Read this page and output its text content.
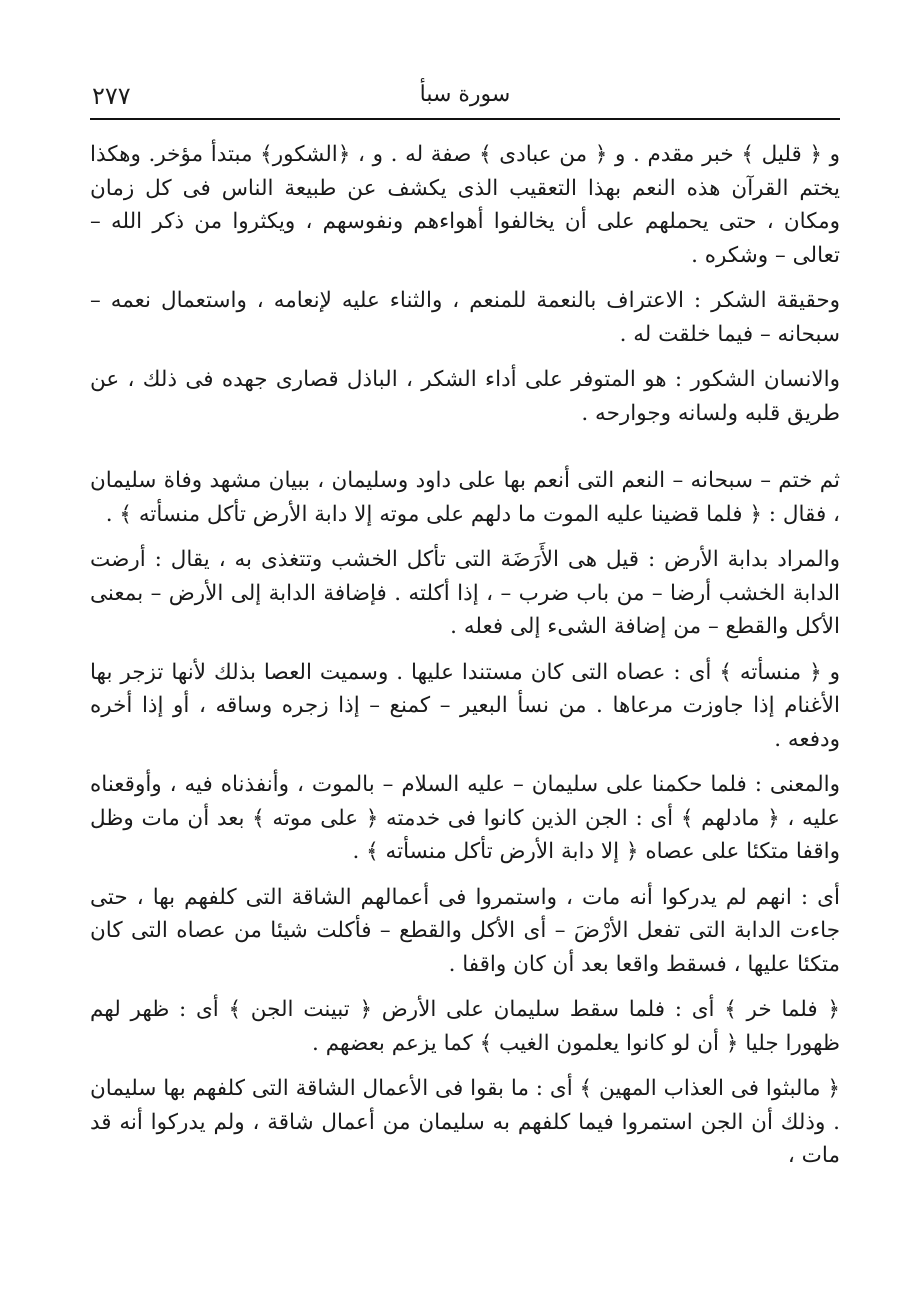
٢٧٧	سورة سبأ

و ﴿ قليل ﴾ خبر مقدم . و ﴿ من عبادى ﴾ صفة له . و ، ﴿الشكور﴾ مبتدأ مؤخر. وهكذا يختم القرآن هذه النعم بهذا التعقيب الذى يكشف عن طبيعة الناس فى كل زمان ومكان ، حتى يحملهم على أن يخالفوا أهواءهم ونفوسهم ، ويكثروا من ذكر الله – تعالى – وشكره .

وحقيقة الشكر : الاعتراف بالنعمة للمنعم ، والثناء عليه لإنعامه ، واستعمال نعمه – سبحانه – فيما خلقت له .

والانسان الشكور : هو المتوفر على أداء الشكر ، الباذل قصارى جهده فى ذلك ، عن طريق قلبه ولسانه وجوارحه .

ثم ختم – سبحانه – النعم التى أنعم بها على داود وسليمان ، ببيان مشهد وفاة سليمان ، فقال : ﴿ فلما قضينا عليه الموت ما دلهم على موته إلا دابة الأرض تأكل منسأته ﴾ .

والمراد بدابة الأرض : قيل هى الأَرَضَة التى تأكل الخشب وتتغذى به ، يقال : أرضت الدابة الخشب أرضا – من باب ضرب – ، إذا أكلته . فإضافة الدابة إلى الأرض – بمعنى الأكل والقطع – من إضافة الشىء إلى فعله .

و ﴿ منسأته ﴾ أى : عصاه التى كان مستندا عليها . وسميت العصا بذلك لأنها تزجر بها الأغنام إذا جاوزت مرعاها . من نسأ البعير – كمنع – إذا زجره وساقه ، أو إذا أخره ودفعه .

والمعنى : فلما حكمنا على سليمان – عليه السلام – بالموت ، وأنفذناه فيه ، وأوقعناه عليه ، ﴿ مادلهم ﴾ أى : الجن الذين كانوا فى خدمته ﴿ على موته ﴾ بعد أن مات وظل واقفا متكئا على عصاه ﴿ إلا دابة الأرض تأكل منسأته ﴾ .

أى : انهم لم يدركوا أنه مات ، واستمروا فى أعمالهم الشاقة التى كلفهم بها ، حتى جاءت الدابة التى تفعل الأرْضَ – أى الأكل والقطع – فأكلت شيئا من عصاه التى كان متكئا عليها ، فسقط واقعا بعد أن كان واقفا .

﴿ فلما خر ﴾ أى : فلما سقط سليمان على الأرض ﴿ تبينت الجن ﴾ أى : ظهر لهم ظهورا جليا ﴿ أن لو كانوا يعلمون الغيب ﴾ كما يزعم بعضهم .

﴿ مالبثوا فى العذاب المهين ﴾ أى : ما بقوا فى الأعمال الشاقة التى كلفهم بها سليمان . وذلك أن الجن استمروا فيما كلفهم به سليمان من أعمال شاقة ، ولم يدركوا أنه قد مات ،
